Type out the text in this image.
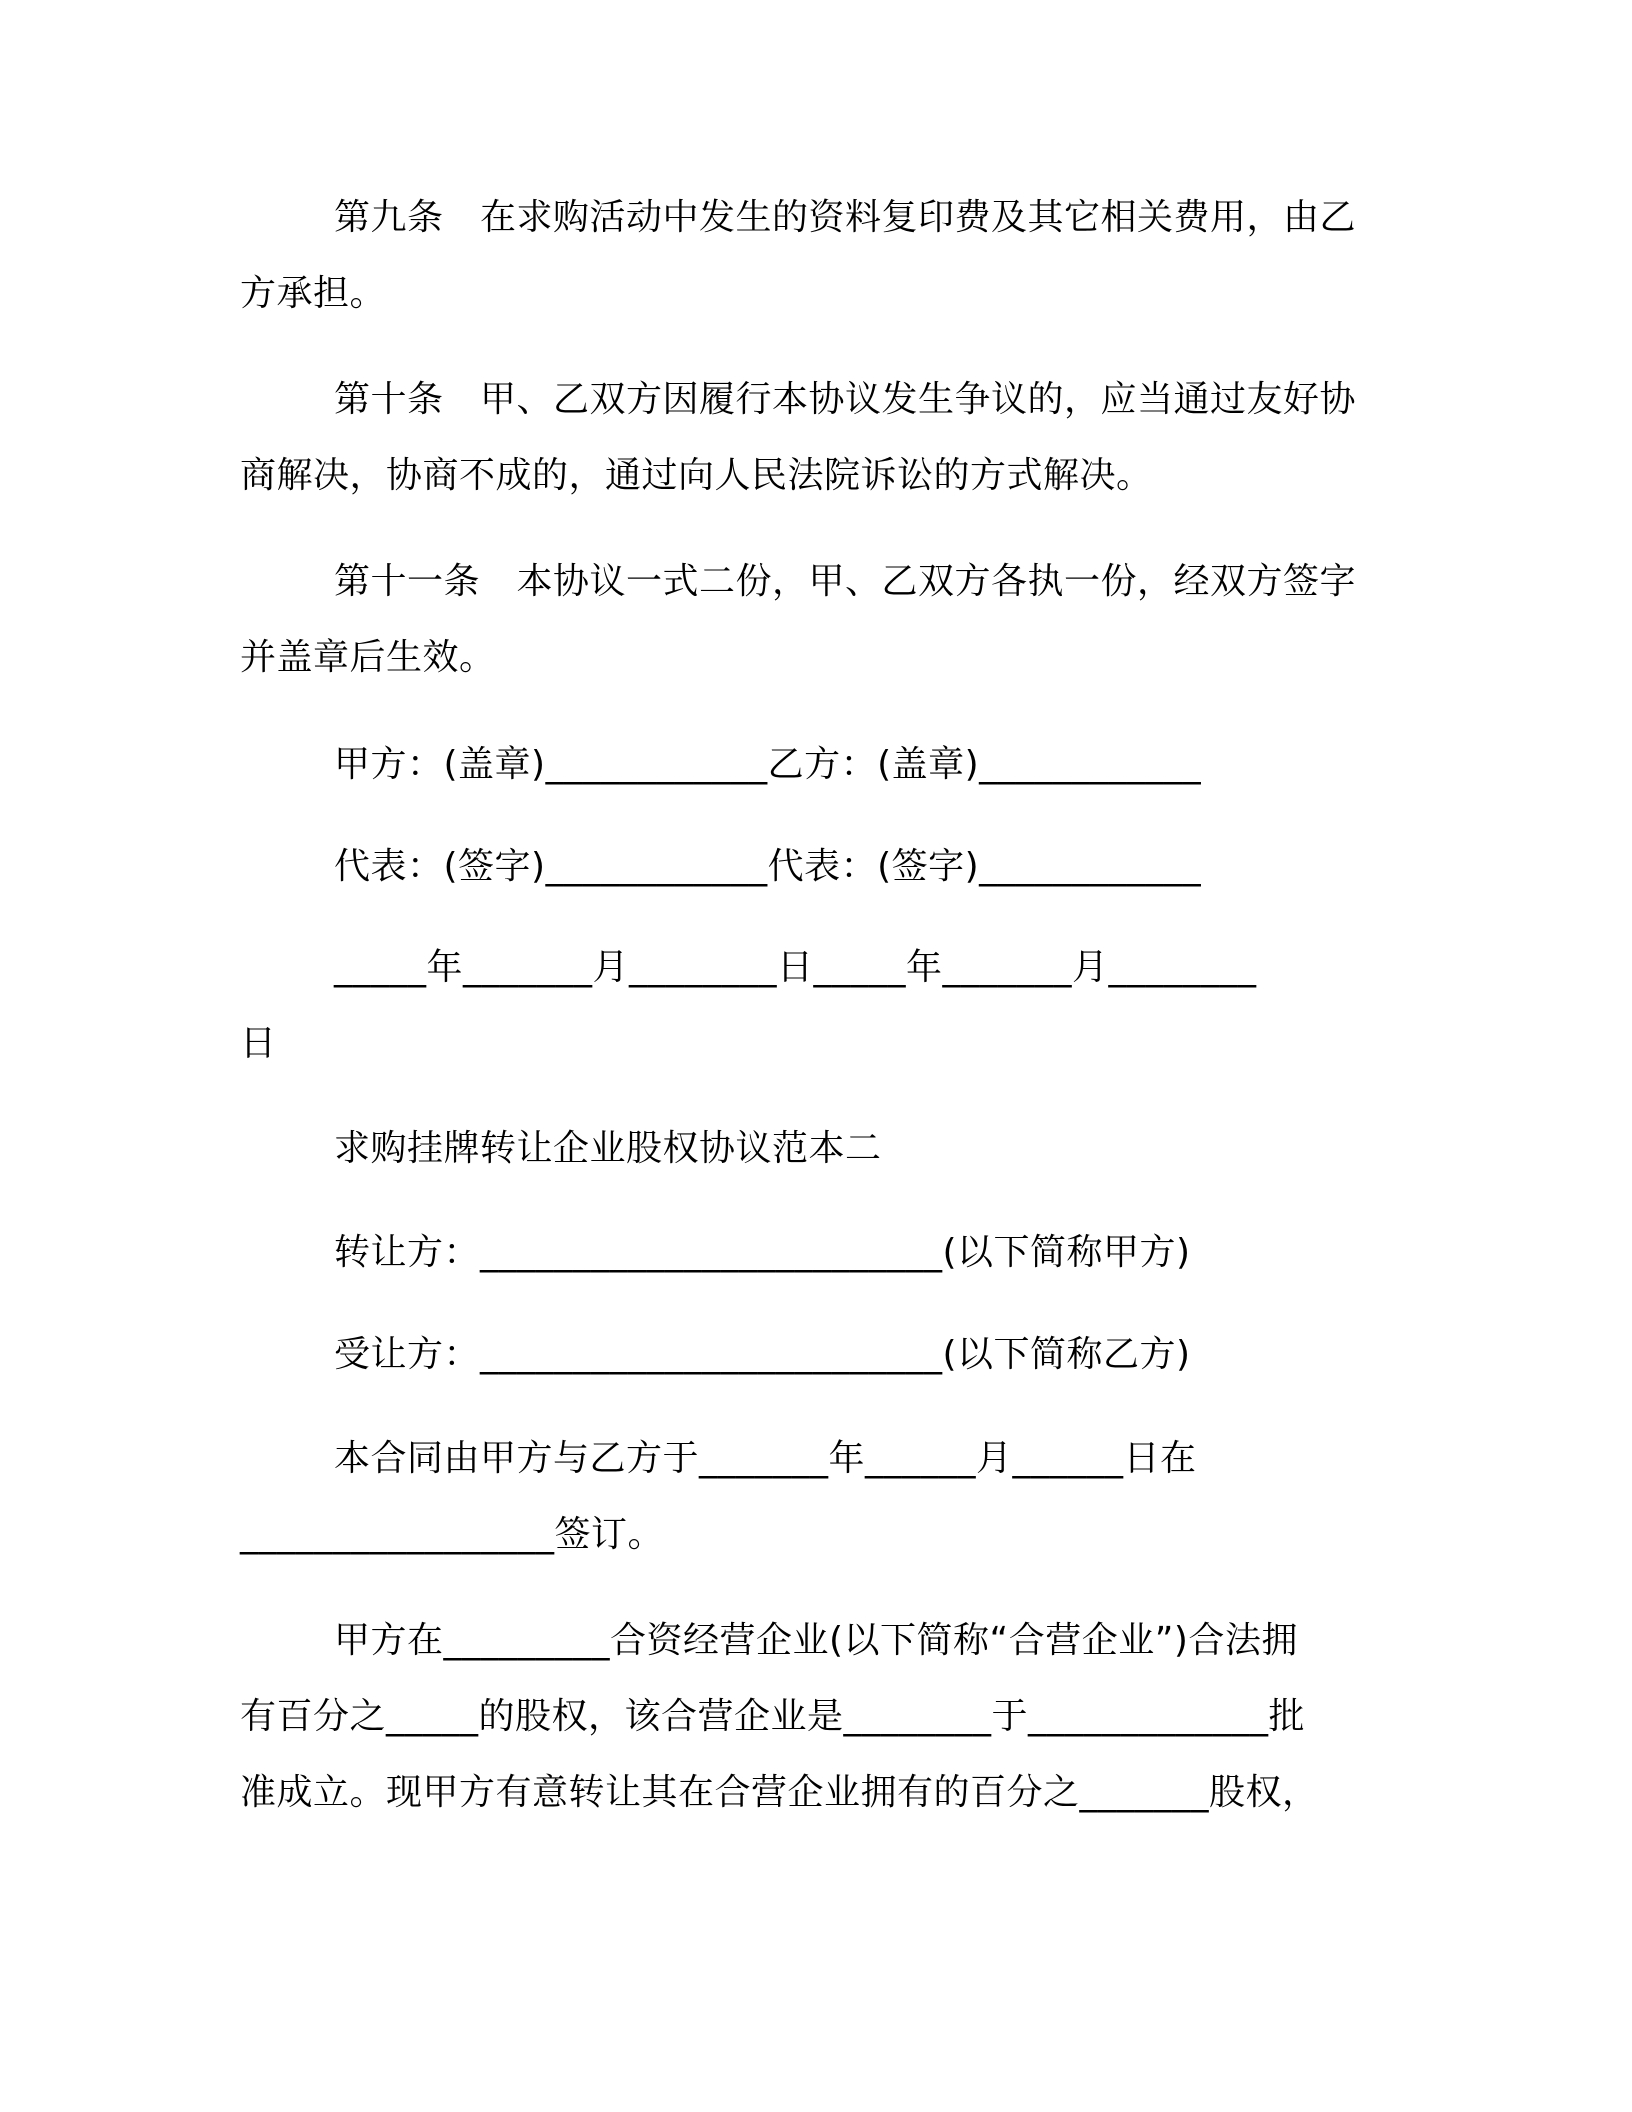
第九条　在求购活动中发生的资料复印费及其它相关费用，由乙
方承担。
第十条　甲、乙双方因履行本协议发生争议的，应当通过友好协
商解决，协商不成的，通过向人民法院诉讼的方式解决。
第十一条　本协议一式二份，甲、乙双方各执一份，经双方签字
并盖章后生效。
甲方：(盖章)____________乙方：(盖章)____________
代表：(签字)____________代表：(签字)____________
_____年_______月________日_____年_______月________
日
求购挂牌转让企业股权协议范本二
转让方：_________________________(以下简称甲方)
受让方：_________________________(以下简称乙方)
本合同由甲方与乙方于_______年______月______日在
_________________签订。
甲方在_________合资经营企业(以下简称“合营企业”)合法拥
有百分之_____的股权，该合营企业是________于_____________批
准成立。现甲方有意转让其在合营企业拥有的百分之_______股权，
